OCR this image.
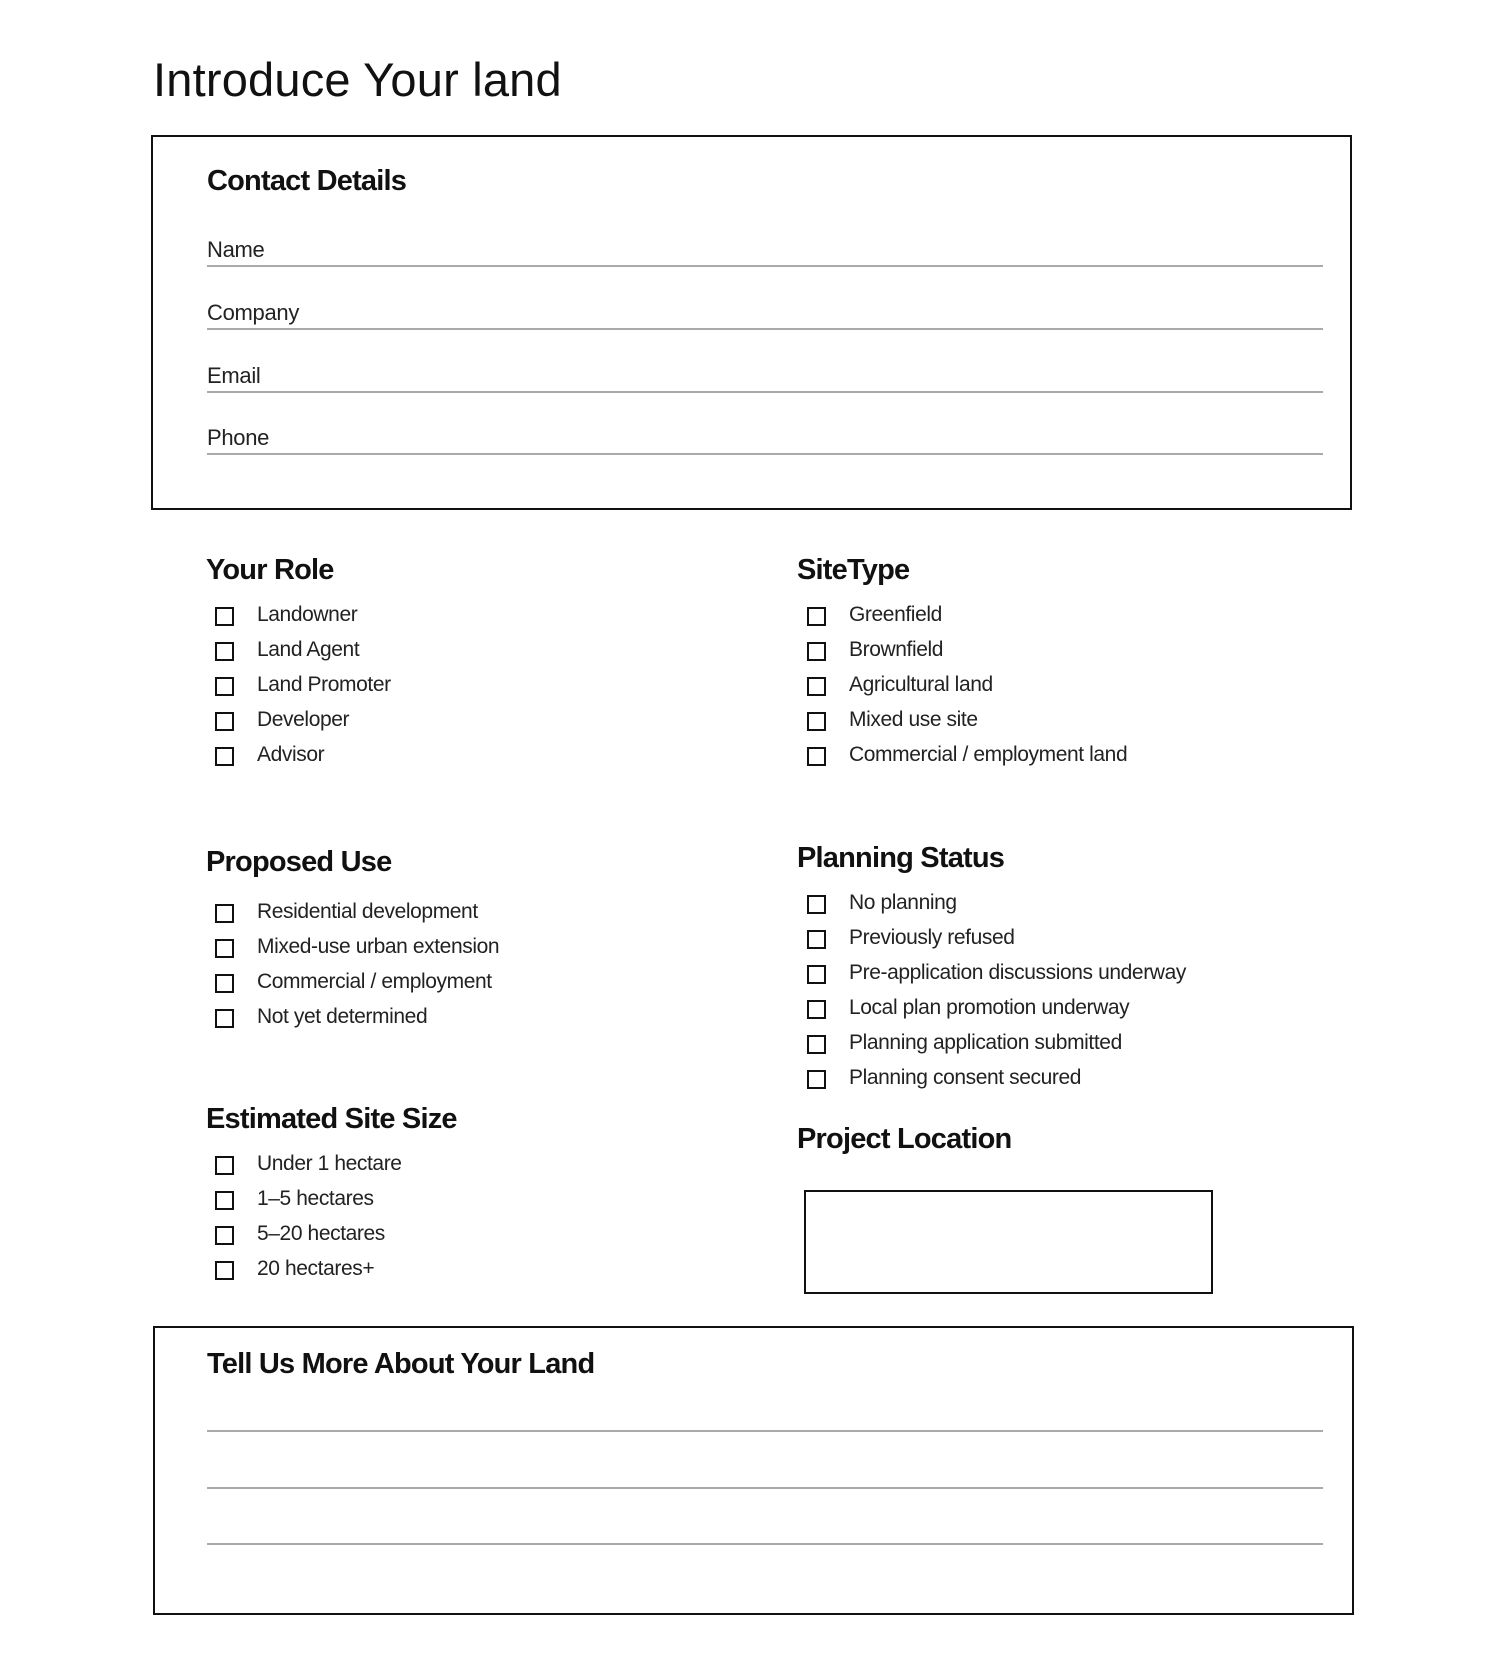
Introduce Your land
Contact Details
Name
Company
Email
Phone
Your Role
Landowner
Land Agent
Land Promoter
Developer
Advisor
SiteType
Greenfield
Brownfield
Agricultural land
Mixed use site
Commercial / employment land
Proposed Use
Residential development
Mixed-use urban extension
Commercial / employment
Not yet determined
Planning Status
No planning
Previously refused
Pre-application discussions underway
Local plan promotion underway
Planning application submitted
Planning consent secured
Estimated Site Size
Under 1 hectare
1–5 hectares
5–20 hectares
20 hectares+
Project Location
Tell Us More About Your Land
